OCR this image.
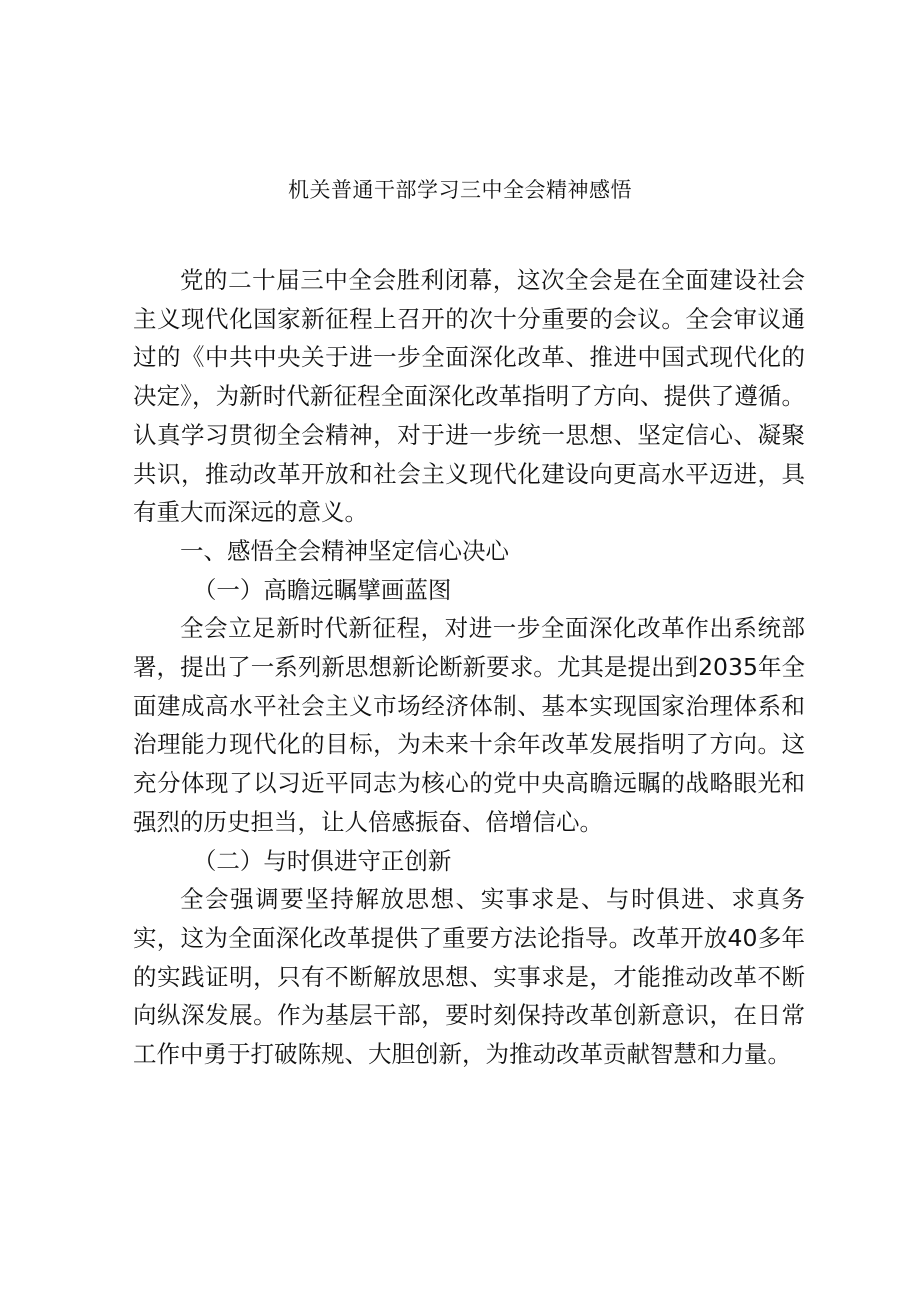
机关普通干部学习三中全会精神感悟

党的二十届三中全会胜利闭幕，这次全会是在全面建设社会主义现代化国家新征程上召开的次十分重要的会议。全会审议通过的《中共中央关于进一步全面深化改革、推进中国式现代化的决定》，为新时代新征程全面深化改革指明了方向、提供了遵循。认真学习贯彻全会精神，对于进一步统一思想、坚定信心、凝聚共识，推动改革开放和社会主义现代化建设向更高水平迈进，具有重大而深远的意义。

一、感悟全会精神坚定信心决心

（一）高瞻远瞩擘画蓝图

全会立足新时代新征程，对进一步全面深化改革作出系统部署，提出了一系列新思想新论断新要求。尤其是提出到2035年全面建成高水平社会主义市场经济体制、基本实现国家治理体系和治理能力现代化的目标，为未来十余年改革发展指明了方向。这充分体现了以习近平同志为核心的党中央高瞻远瞩的战略眼光和强烈的历史担当，让人倍感振奋、倍增信心。

（二）与时俱进守正创新

全会强调要坚持解放思想、实事求是、与时俱进、求真务实，这为全面深化改革提供了重要方法论指导。改革开放40多年的实践证明，只有不断解放思想、实事求是，才能推动改革不断向纵深发展。作为基层干部，要时刻保持改革创新意识，在日常工作中勇于打破陈规、大胆创新，为推动改革贡献智慧和力量。
